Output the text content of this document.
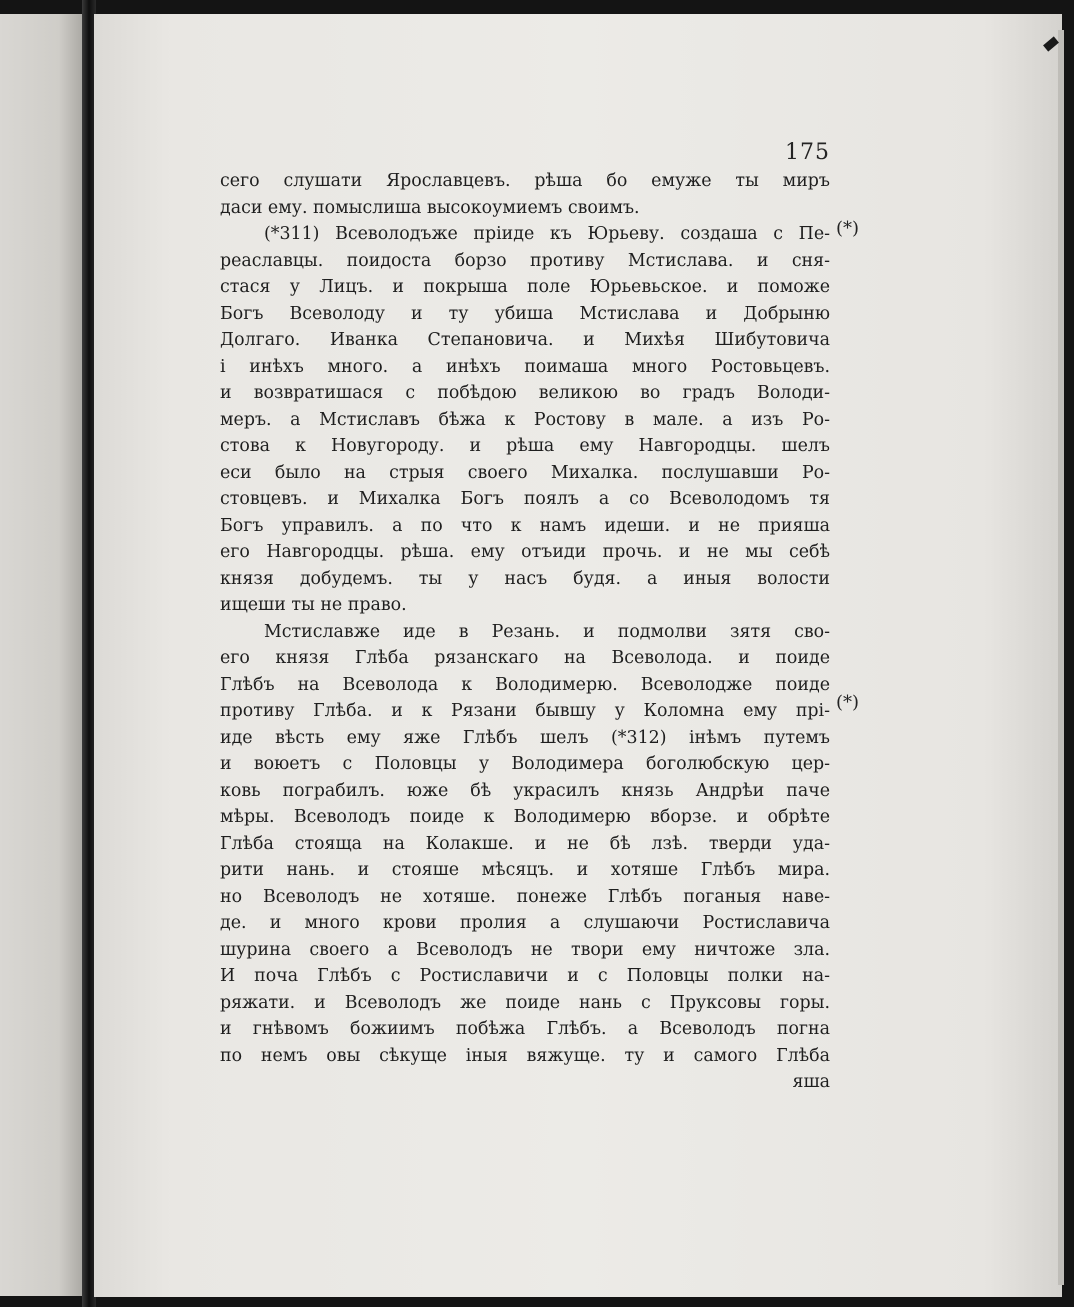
175
сего слушати Ярославцевъ. рѣша бо емуже ты миръ
даси ему. помыслиша высокоумиемъ своимъ.
(*311) Всеволодъже пріиде къ Юрьеву. создаша с Пе-
реаславцы. поидоста борзо противу Мстислава. и сня-
стася у Лицъ. и покрыша поле Юрьевьское. и поможе
Богъ Всеволоду и ту убиша Мстислава и Добрыню
Долгаго. Иванка Степановича. и Михѣя Шибутовича
і инѣхъ много. а инѣхъ поимаша много Ростовьцевъ.
и возвратишася с побѣдою великою во градъ Володи-
меръ. а Мстиславъ бѣжа к Ростову в мале. а изъ Ро-
стова к Новугороду. и рѣша ему Навгородцы. шелъ
еси было на стрыя своего Михалка. послушавши Ро-
стовцевъ. и Михалка Богъ поялъ а со Всеволодомъ тя
Богъ управилъ. а по что к намъ идеши. и не прияша
его Навгородцы. рѣша. ему отъиди прочь. и не мы себѣ
князя добудемъ. ты у насъ будя. а иныя волости
ищеши ты не право.
Мстиславже иде в Резань. и подмолви зятя сво-
его князя Глѣба рязанскаго на Всеволода. и поиде
Глѣбъ на Всеволода к Володимерю. Всеволодже поиде
противу Глѣба. и к Рязани бывшу у Коломна ему прі-
иде вѣсть ему яже Глѣбъ шелъ (*312) інѣмъ путемъ
и воюетъ с Половцы у Володимера боголюбскую цер-
ковь пограбилъ. юже бѣ украсилъ князь Андрѣи паче
мѣры. Всеволодъ поиде к Володимерю вборзе. и обрѣте
Глѣба стояща на Колакше. и не бѣ лзѣ. тверди уда-
рити нань. и стояше мѣсяцъ. и хотяше Глѣбъ мира.
но Всеволодъ не хотяше. понеже Глѣбъ поганыя наве-
де. и много крови пролия а слушаючи Ростиславича
шурина своего а Всеволодъ не твори ему ничтоже зла.
И поча Глѣбъ с Ростиславичи и с Половцы полки на-
ряжати. и Всеволодъ же поиде нань с Пруксовы горы.
и гнѣвомъ божиимъ побѣжа Глѣбъ. а Всеволодъ погна
по немъ овы сѣкуще іныя вяжуще. ту и самого Глѣба
яша
(*)
(*)
